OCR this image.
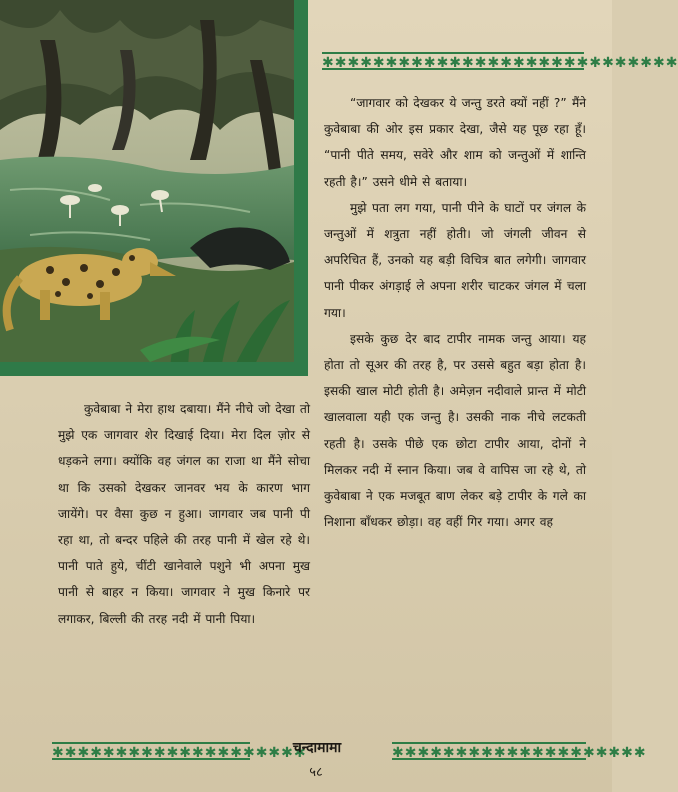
✱✱✱✱✱✱✱✱✱✱✱✱✱✱✱✱✱✱✱✱✱✱✱✱✱✱✱✱

“जागवार को देखकर ये जन्तु डरते क्यों नहीं ?” मैंने कुवेबाबा की ओर इस प्रकार देखा, जैसे यह पूछ रहा हूँ। “पानी पीते समय, सवेरे और शाम को जन्तुओं में शान्ति रहती है।” उसने धीमे से बताया।

मुझे पता लग गया, पानी पीने के घाटों पर जंगल के जन्तुओं में शत्रुता नहीं होती। जो जंगली जीवन से अपरिचित हैं, उनको यह बड़ी विचित्र बात लगेगी। जागवार पानी पीकर अंगड़ाई ले अपना शरीर चाटकर जंगल में चला गया।

इसके कुछ देर बाद टापीर नामक जन्तु आया। यह होता तो सूअर की तरह है, पर उससे बहुत बड़ा होता है। इसकी खाल मोटी होती है। अमेज़न नदीवाले प्रान्त में मोटी खालवाला यही एक जन्तु है। उसकी नाक नीचे लटकती रहती है। उसके पीछे एक छोटा टापीर आया, दोनों ने मिलकर नदी में स्नान किया। जब वे वापिस जा रहे थे, तो कुवेबाबा ने एक मजबूत बाण लेकर बड़े टापीर के गले का निशाना बाँधकर छोड़ा। वह वहीं गिर गया। अगर वह

कुवेबाबा ने मेरा हाथ दबाया। मैंने नीचे जो देखा तो मुझे एक जागवार शेर दिखाई दिया। मेरा दिल ज़ोर से धड़कने लगा। क्योंकि वह जंगल का राजा था मैंने सोचा था कि उसको देखकर जानवर भय के कारण भाग जायेंगे। पर वैसा कुछ न हुआ। जागवार जब पानी पी रहा था, तो बन्दर पहिले की तरह पानी में खेल रहे थे। पानी पाते हुये, चींटी खानेवाले पशुने भी अपना मुख पानी से बाहर न किया। जागवार ने मुख किनारे पर लगाकर, बिल्ली की तरह नदी में पानी पिया।

✱✱✱✱✱✱✱✱✱✱✱✱✱✱✱✱✱✱✱✱	✱✱✱✱✱✱✱✱✱✱✱✱✱✱✱✱✱✱✱✱
चन्दामामा
५८
